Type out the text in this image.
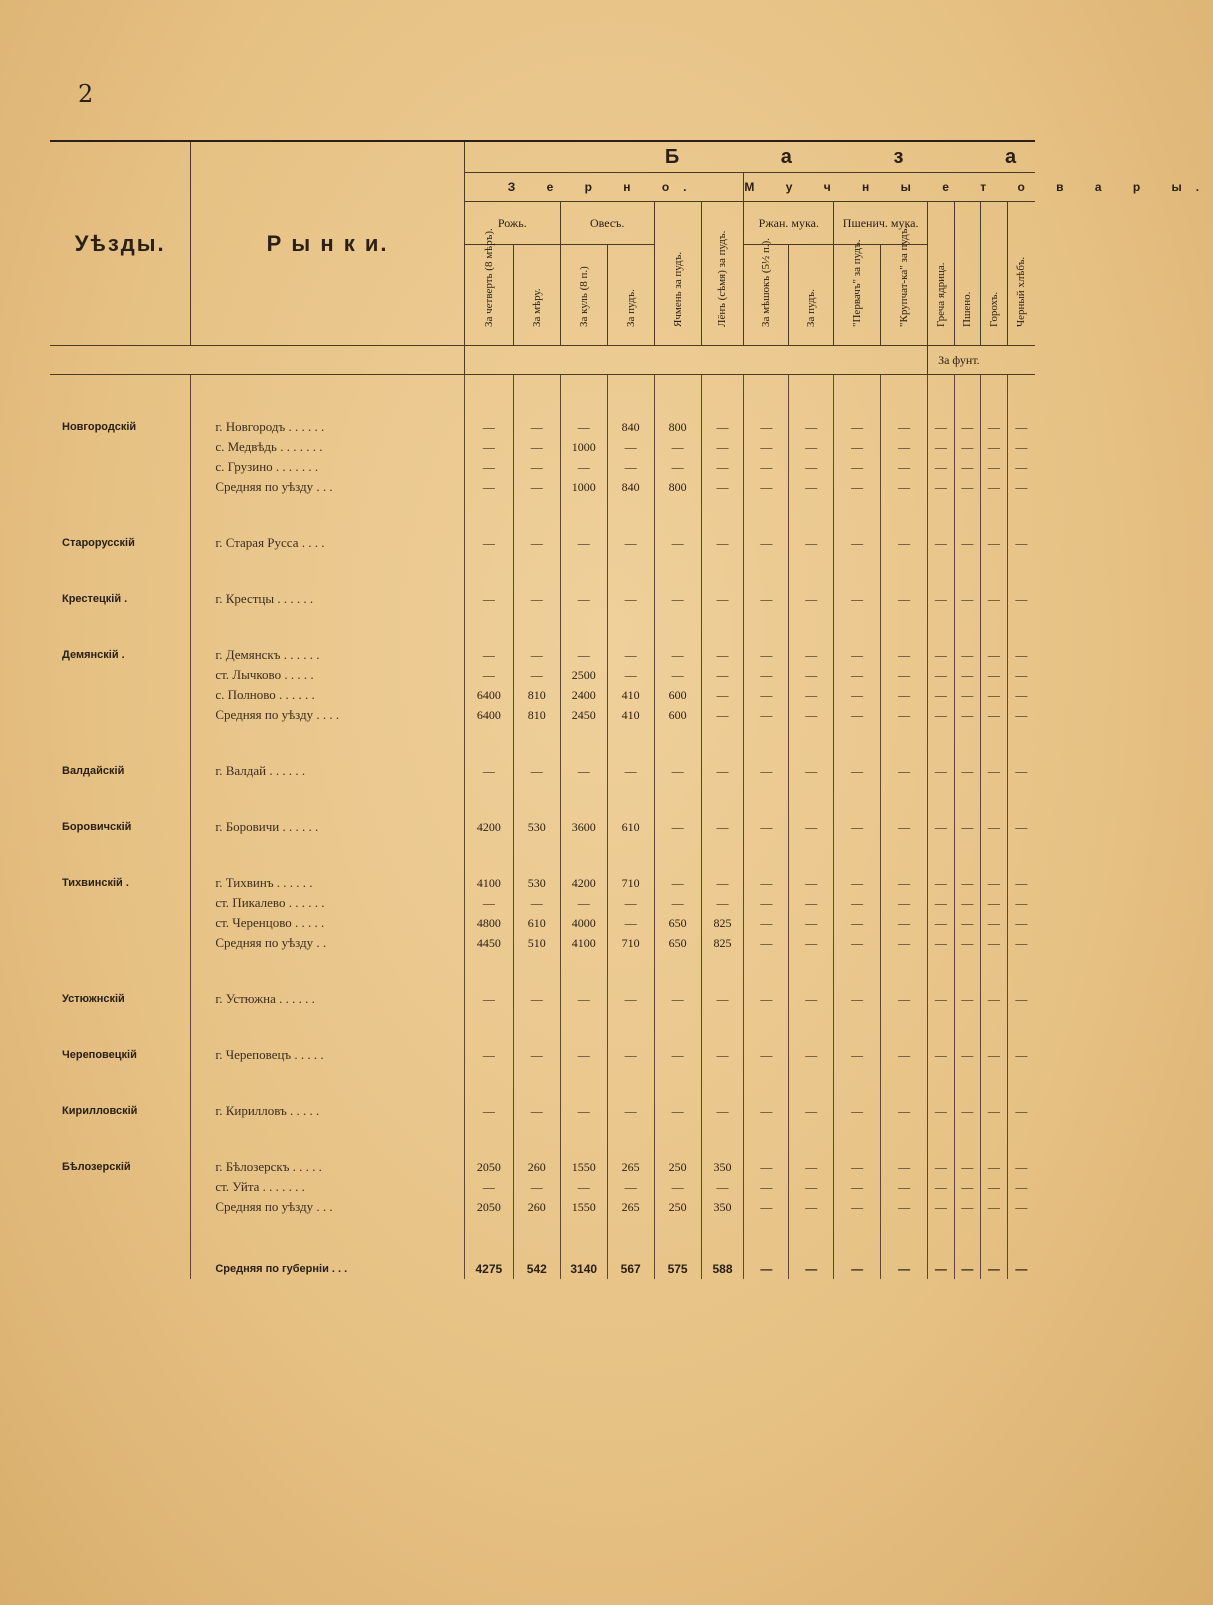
2
Уѣзды.	Р ы н к и.	Б а з а													
		З е р н о.						М у ч н ы е т о в а р ы.							
		Рожь.		Овесъ.		Ячмень за пудъ.	Лёнъ (сѣмя) за пудъ.	Ржан. мука.		Пшенич. мука.		Греча ядрица.	Пшено.	Горохъ.	Черный хлѣбъ.

		За четверть (8 мѣръ).	За мѣру.	За куль (8 п.)	За пудъ.			За мѣшокъ (5½ п.).	За пудъ.	"Первачъ" за пудъ.	"Крупчат-ка" за пудъ.				

												За фунт.			

Новгородскій	г. Новгородъ . . . . . .	—	—	—	840	800	—	—	—	—	—	—	—	—	—
	с. Медвѣдь . . . . . . .	—	—	1000	—	—	—	—	—	—	—	—	—	—	—
	с. Грузино . . . . . . .	—	—	—	—	—	—	—	—	—	—	—	—	—	—
	Средняя по уѣзду . . .	—	—	1000	840	800	—	—	—	—	—	—	—	—	—

Старорусскій	г. Старая Русса . . . .	—	—	—	—	—	—	—	—	—	—	—	—	—	—

Крестецкій .	г. Крестцы . . . . . .	—	—	—	—	—	—	—	—	—	—	—	—	—	—

Демянскій .	г. Демянскъ . . . . . .	—	—	—	—	—	—	—	—	—	—	—	—	—	—
	ст. Лычково . . . . .	—	—	2500	—	—	—	—	—	—	—	—	—	—	—
	с. Полново . . . . . .	6400	810	2400	410	600	—	—	—	—	—	—	—	—	—
	Средняя по уѣзду . . . .	6400	810	2450	410	600	—	—	—	—	—	—	—	—	—

Валдайскій	г. Валдай . . . . . .	—	—	—	—	—	—	—	—	—	—	—	—	—	—

Боровичскій	г. Боровичи . . . . . .	4200	530	3600	610	—	—	—	—	—	—	—	—	—	—

Тихвинскій .	г. Тихвинъ . . . . . .	4100	530	4200	710	—	—	—	—	—	—	—	—	—	—
	ст. Пикалево . . . . . .	—	—	—	—	—	—	—	—	—	—	—	—	—	—
	ст. Черенцово . . . . .	4800	610	4000	—	650	825	—	—	—	—	—	—	—	—
	Средняя по уѣзду . .	4450	510	4100	710	650	825	—	—	—	—	—	—	—	—

Устюжнскій	г. Устюжна . . . . . .	—	—	—	—	—	—	—	—	—	—	—	—	—	—

Череповецкій	г. Череповецъ . . . . .	—	—	—	—	—	—	—	—	—	—	—	—	—	—

Кирилловскій	г. Кирилловъ . . . . .	—	—	—	—	—	—	—	—	—	—	—	—	—	—

Бѣлозерскій	г. Бѣлозерскъ . . . . .	2050	260	1550	265	250	350	—	—	—	—	—	—	—	—
	ст. Уйта . . . . . . .	—	—	—	—	—	—	—	—	—	—	—	—	—	—
	Средняя по уѣзду . . .	2050	260	1550	265	250	350	—	—	—	—	—	—	—	—

	Средняя по губерніи . . .	4275	542	3140	567	575	588	—	—	—	—	—	—	—	—
